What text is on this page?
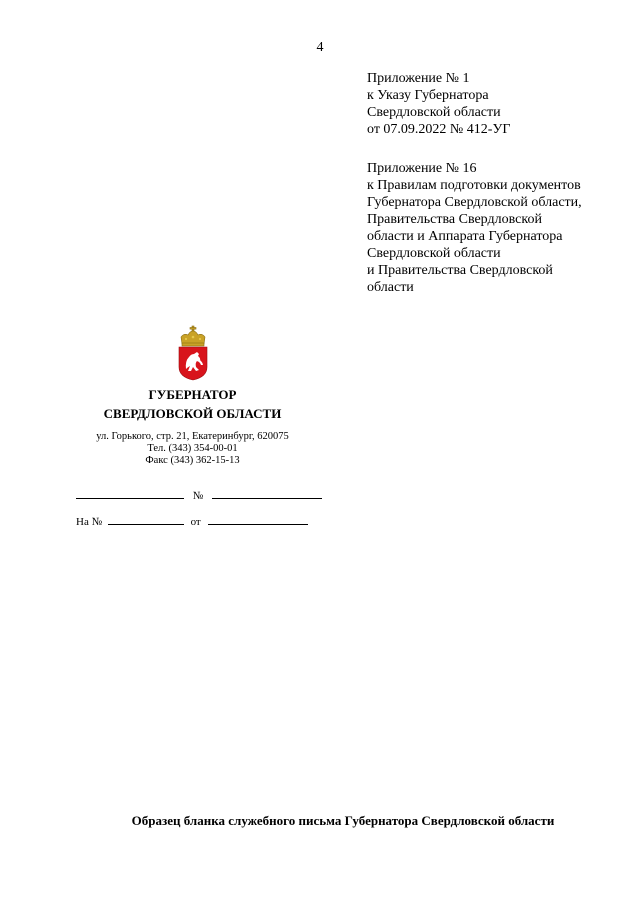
4
Приложение № 1
к Указу Губернатора
Свердловской области
от 07.09.2022 № 412-УГ
Приложение № 16
к Правилам подготовки документов
Губернатора Свердловской области,
Правительства Свердловской
области и Аппарата Губернатора
Свердловской области
и Правительства Свердловской
области
ГУБЕРНАТОР
СВЕРДЛОВСКОЙ ОБЛАСТИ
ул. Горького, стр. 21, Екатеринбург, 620075
Тел. (343) 354-00-01
Факс (343) 362-15-13
№
На №	от
Образец бланка служебного письма Губернатора Свердловской области
